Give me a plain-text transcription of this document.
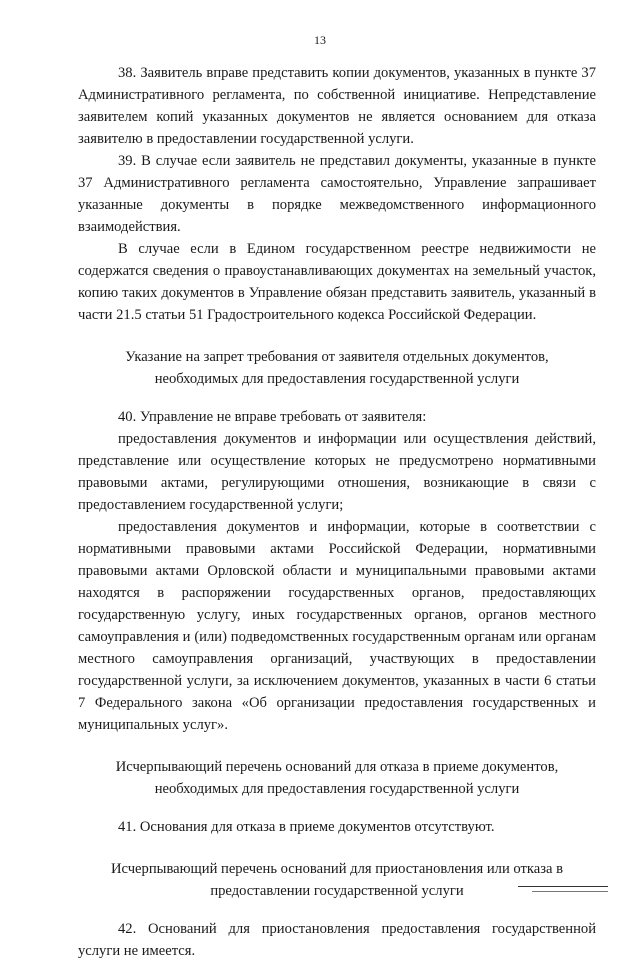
13

38. Заявитель вправе представить копии документов, указанных в пункте 37 Административного регламента, по собственной инициативе. Непредставление заявителем копий указанных документов не является основанием для отказа заявителю в предоставлении государственной услуги.

39. В случае если заявитель не представил документы, указанные в пункте 37 Административного регламента самостоятельно, Управление запрашивает указанные документы в порядке межведомственного информационного взаимодействия.

В случае если в Едином государственном реестре недвижимости не содержатся сведения о правоустанавливающих документах на земельный участок, копию таких документов в Управление обязан представить заявитель, указанный в части 21.5 статьи 51 Градостроительного кодекса Российской Федерации.

Указание на запрет требования от заявителя отдельных документов, необходимых для предоставления государственной услуги

40. Управление не вправе требовать от заявителя:

предоставления документов и информации или осуществления действий, представление или осуществление которых не предусмотрено нормативными правовыми актами, регулирующими отношения, возникающие в связи с предоставлением государственной услуги;

предоставления документов и информации, которые в соответствии с нормативными правовыми актами Российской Федерации, нормативными правовыми актами Орловской области и муниципальными правовыми актами находятся в распоряжении государственных органов, предоставляющих государственную услугу, иных государственных органов, органов местного самоуправления и (или) подведомственных государственным органам или органам местного самоуправления организаций, участвующих в предоставлении государственной услуги, за исключением документов, указанных в части 6 статьи 7 Федерального закона «Об организации предоставления государственных и муниципальных услуг».

Исчерпывающий перечень оснований для отказа в приеме документов, необходимых для предоставления государственной услуги

41. Основания для отказа в приеме документов отсутствуют.

Исчерпывающий перечень оснований для приостановления или отказа в предоставлении государственной услуги

42. Оснований для приостановления предоставления государственной услуги не имеется.
